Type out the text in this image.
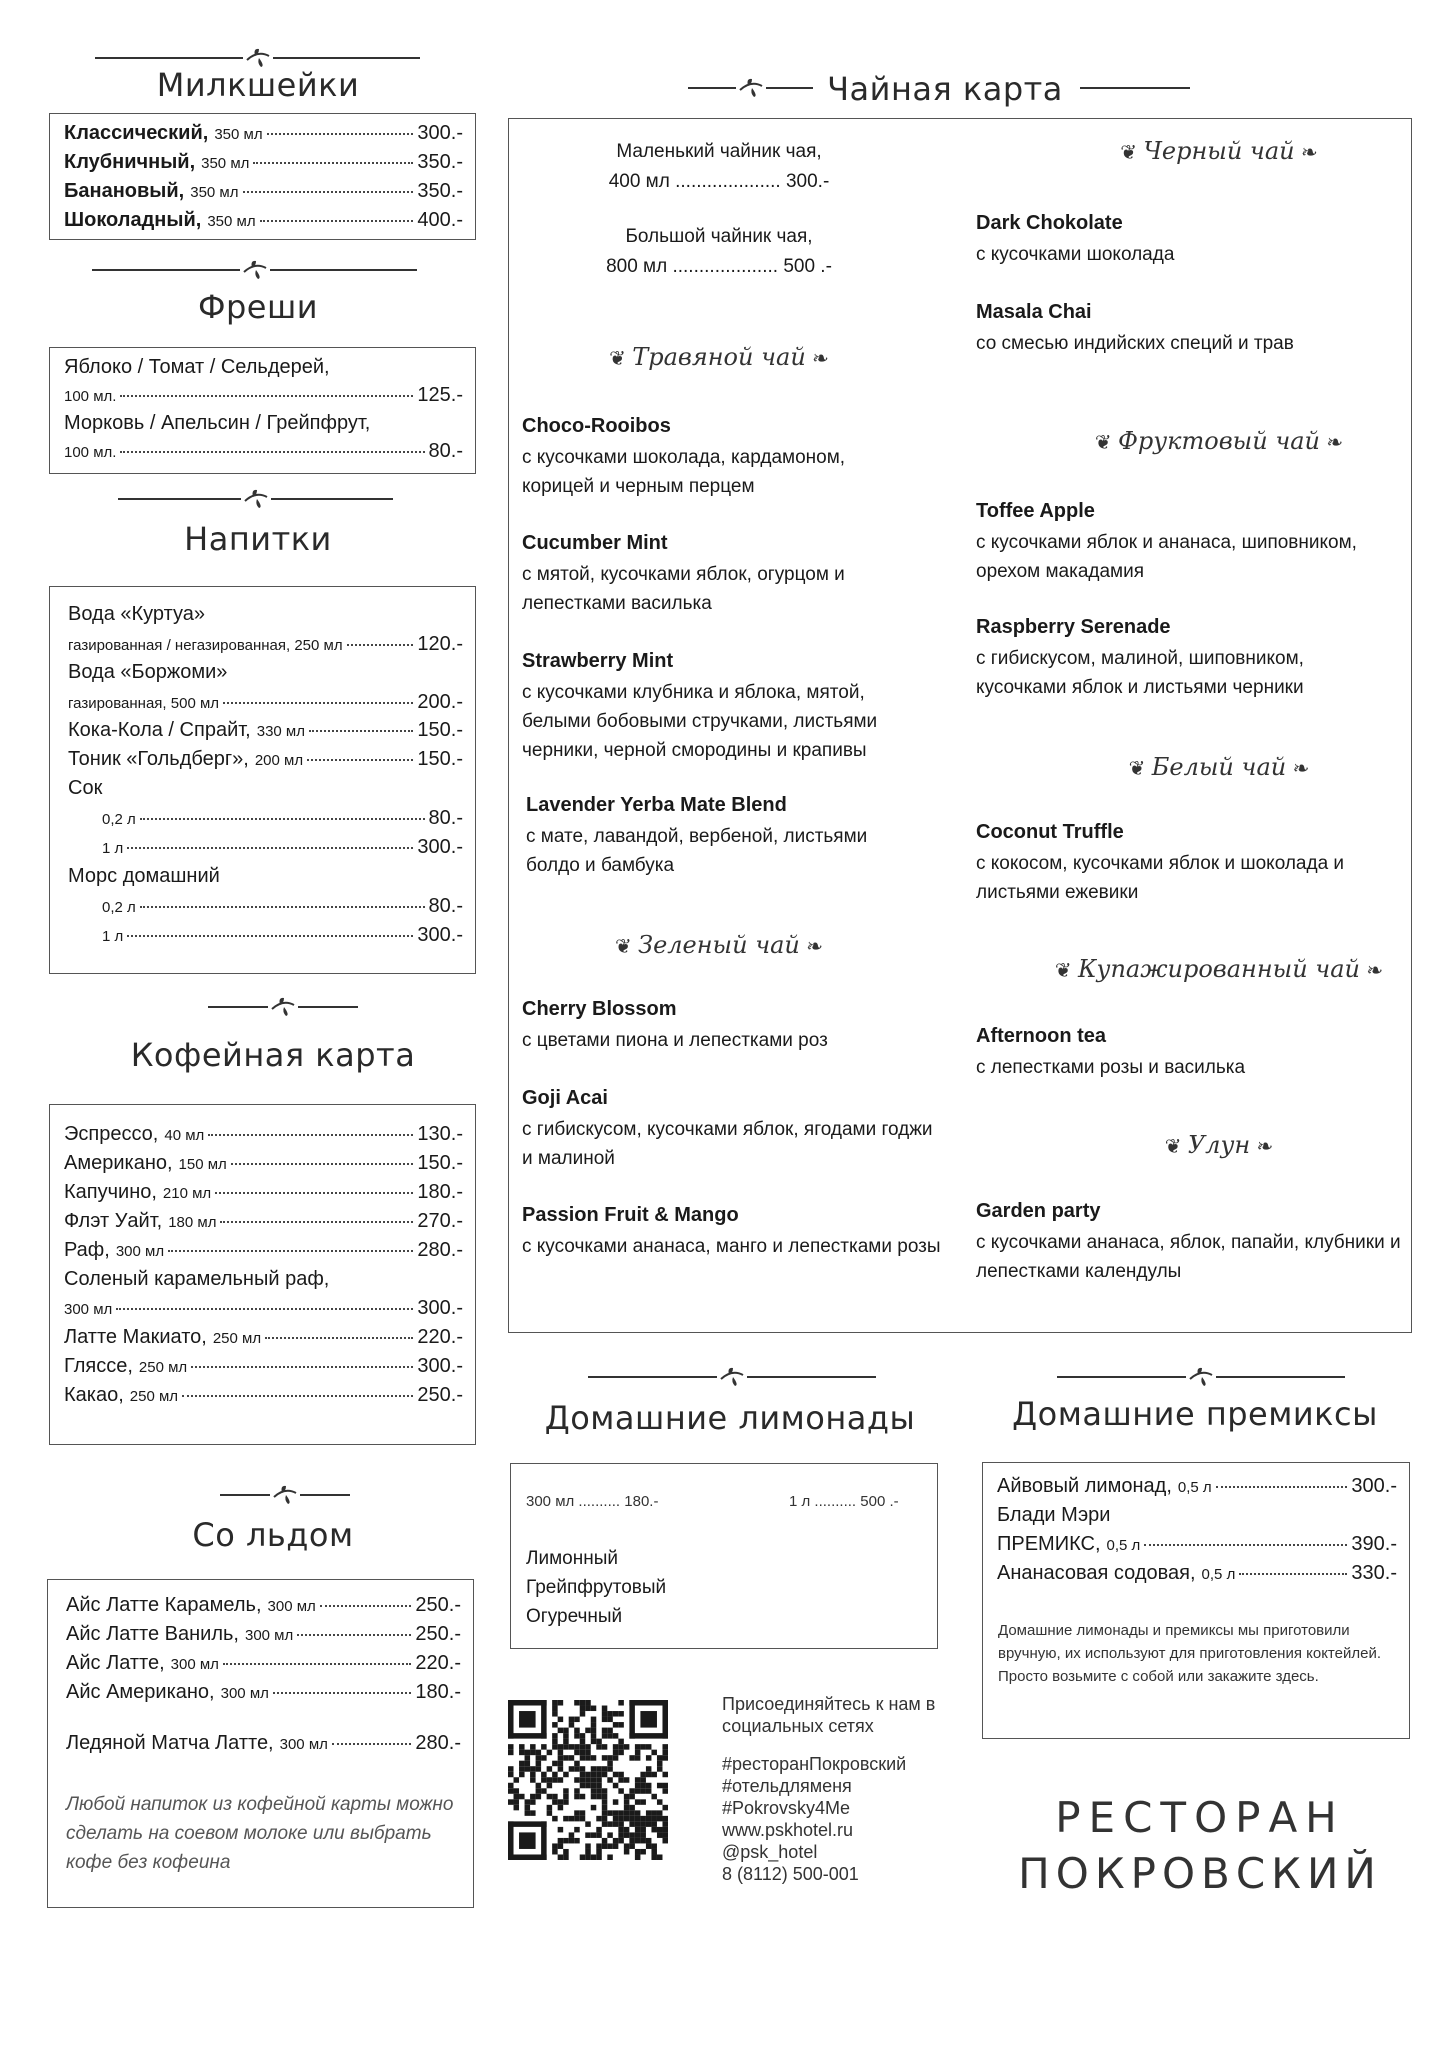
Милкшейки
Классический, 350 мл	300.-
Клубничный, 350 мл	350.-
Банановый, 350 мл	350.-
Шоколадный, 350 мл	400.-
Фреши
Яблоко / Томат / Сельдерей,
100 мл.	125.-
Морковь / Апельсин / Грейпфрут,
100 мл.	80.-
Напитки
Вода «Куртуа»
газированная / негазированная, 250 мл	120.-
Вода «Боржоми»
газированная, 500 мл	200.-
Кока-Кола / Спрайт, 330 мл	150.-
Тоник «Гольдберг», 200 мл	150.-
Сок
0,2 л	80.-
1 л	300.-
Морс домашний
0,2 л	80.-
1 л	300.-
Кофейная карта
Эспрессо, 40 мл	130.-
Американо, 150 мл	150.-
Капучино, 210 мл	180.-
Флэт Уайт, 180 мл	270.-
Раф, 300 мл	280.-
Соленый карамельный раф,
300 мл	300.-
Латте Макиато, 250 мл	220.-
Гляссе, 250 мл	300.-
Какао, 250 мл	250.-
Со льдом
Айс Латте Карамель, 300 мл	250.-
Айс Латте Ваниль, 300 мл	250.-
Айс Латте, 300 мл	220.-
Айс Американо, 300 мл	180.-
Ледяной Матча Латте, 300 мл	280.-
Любой напиток из кофейной карты можно сделать на соевом молоке или выбрать кофе без кофеина
Чайная карта
Маленький чайник чая,
400 мл .................... 300.-
Большой чайник чая,
800 мл .................... 500 .-
❦ Травяной чай ❧
Choco-Rooibos
с кусочками шоколада, кардамоном, корицей и черным перцем
Cucumber Mint
с мятой, кусочками яблок, огурцом и лепестками василька
Strawberry Mint
с кусочками клубника и яблока, мятой, белыми бобовыми стручками, листьями черники, черной смородины и крапивы
Lavender Yerba Mate Blend
с мате, лавандой, вербеной, листьями болдо и бамбука
❦ Зеленый чай ❧
Cherry Blossom
с цветами пиона и лепестками роз
Goji Acai
с гибискусом, кусочками яблок, ягодами годжи и малиной
Passion Fruit & Mango
с кусочками ананаса, манго и лепестками розы
❦ Черный чай ❧
Dark Chokolate
с кусочками шоколада
Masala Chai
со смесью индийских специй и трав
❦ Фруктовый чай ❧
Toffee Apple
с кусочками яблок и ананаса, шиповником, орехом макадамия
Raspberry Serenade
с гибискусом, малиной, шиповником, кусочками яблок и листьями черники
❦ Белый чай ❧
Coconut Truffle
с кокосом, кусочками яблок и шоколада и листьями ежевики
❦ Купажированный чай ❧
Afternoon tea
с лепестками розы и василька
❦ Улун ❧
Garden party
с кусочками ананаса, яблок, папайи, клубники и лепестками календулы
Домашние лимонады
300 мл .......... 180.-	1 л .......... 500 .-
Лимонный
Грейпфрутовый
Огуречный
Домашние премиксы
Айвовый лимонад, 0,5 л	300.-
Блади Мэри
ПРЕМИКС, 0,5 л	390.-
Ананасовая содовая, 0,5 л	330.-
Домашние лимонады и премиксы мы приготовили вручную, их используют для приготовления коктейлей. Просто возьмите с собой или закажите здесь.
Присоединяйтесь к нам в социальных сетях
#ресторанПокровский
#отельдляменя
#Pokrovsky4Me
www.pskhotel.ru
@psk_hotel
8 (8112) 500-001
РЕСТОРАН
ПОКРОВСКИЙ
